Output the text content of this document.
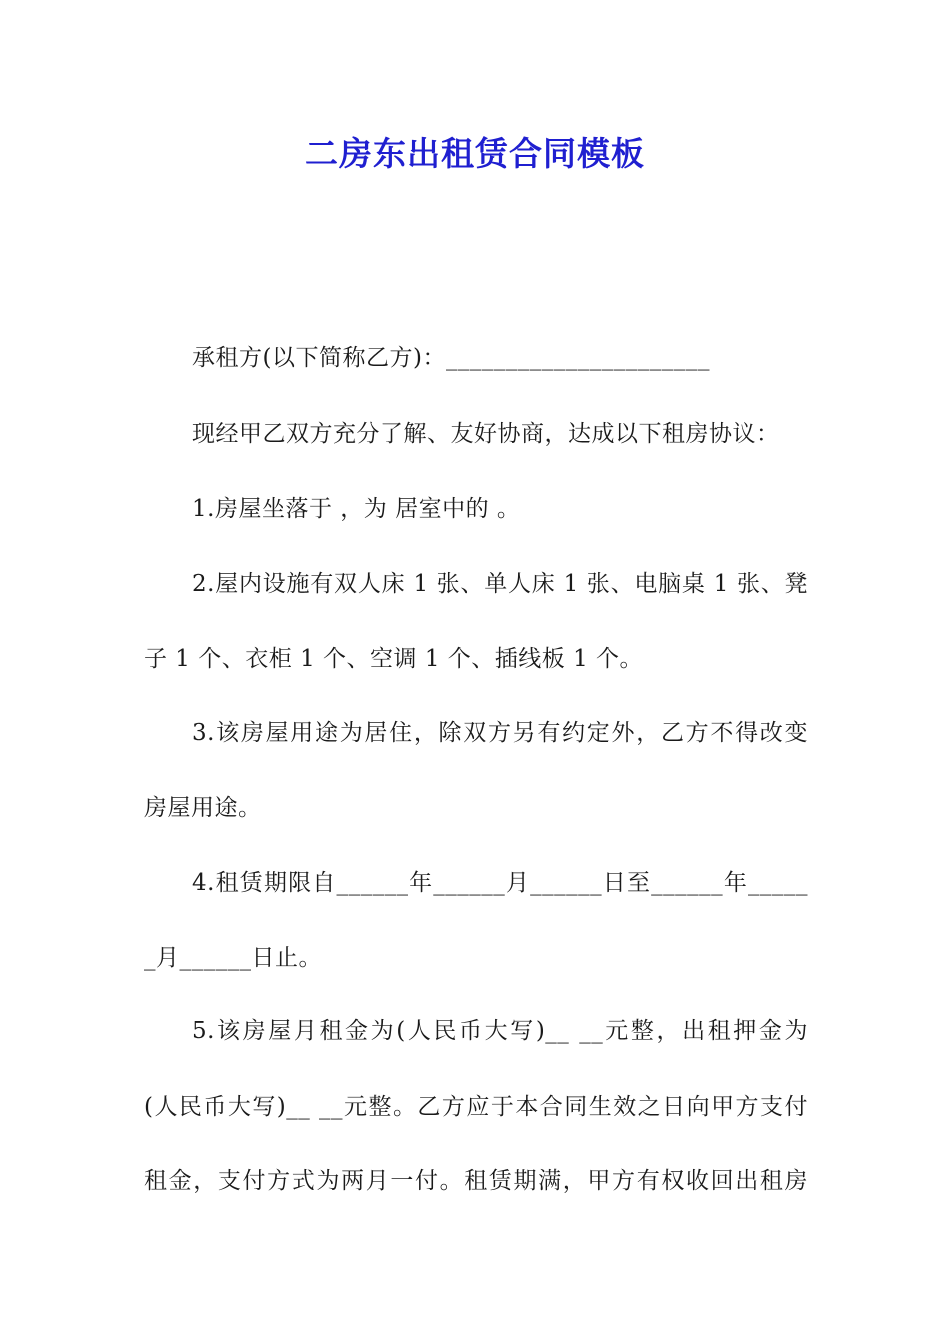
二房东出租赁合同模板
承租方(以下简称乙方)：______________________
现经甲乙双方充分了解、友好协商，达成以下租房协议：
1.房屋坐落于 ，为 居室中的 。
2.屋内设施有双人床 1 张、单人床 1 张、电脑桌 1 张、凳
子 1 个、衣柜 1 个、空调 1 个、插线板 1 个。
3.该房屋用途为居住，除双方另有约定外，乙方不得改变
房屋用途。
4.租赁期限自______年______月______日至______年_____
_月______日止。
5.该房屋月租金为(人民币大写)__ __元整，出租押金为
(人民币大写)__ __元整。乙方应于本合同生效之日向甲方支付
租金，支付方式为两月一付。租赁期满，甲方有权收回出租房
